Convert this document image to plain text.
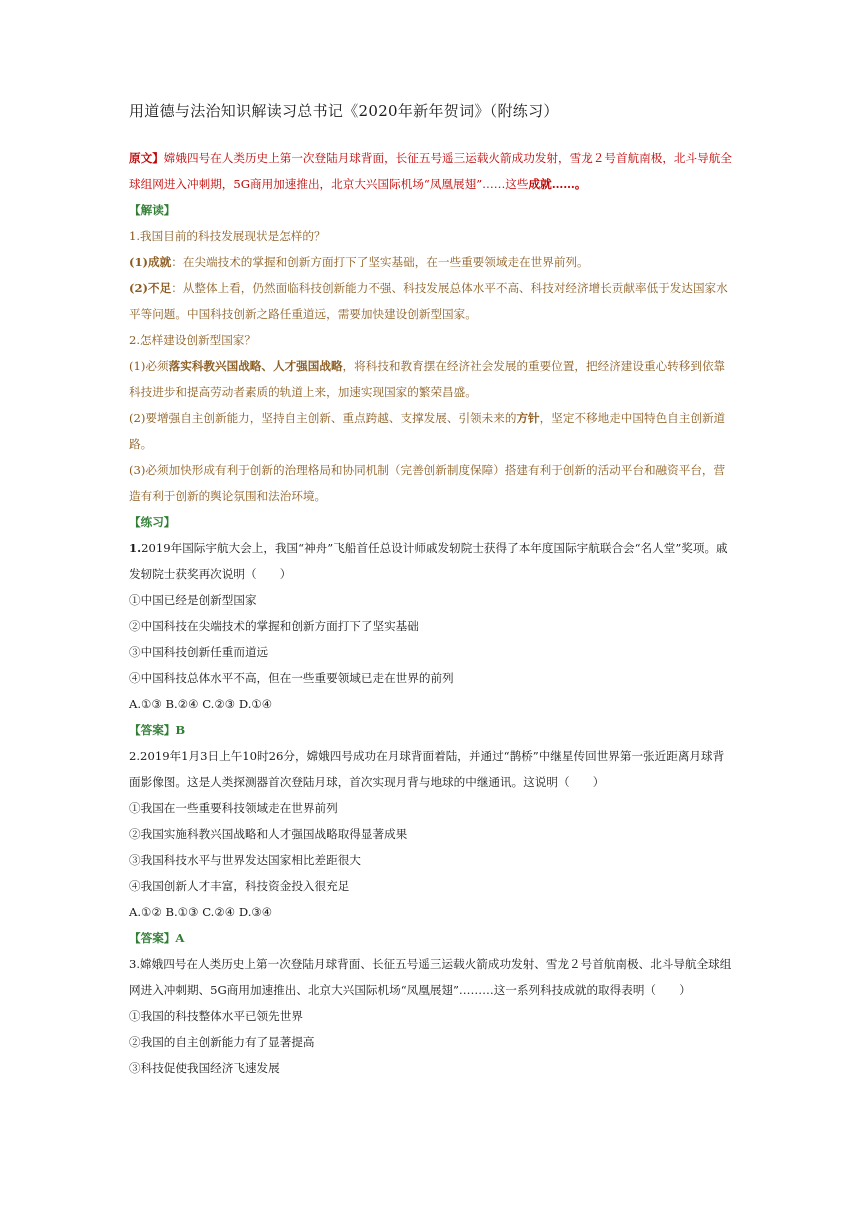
用道德与法治知识解读习总书记《2020年新年贺词》（附练习）

原文】嫦娥四号在人类历史上第一次登陆月球背面，长征五号遥三运载火箭成功发射，雪龙２号首航南极，北斗导航全球组网进入冲刺期，5G商用加速推出，北京大兴国际机场“凤凰展翅”……这些成就……。

【解读】

1.我国目前的科技发展现状是怎样的？

(1)成就：在尖端技术的掌握和创新方面打下了坚实基础，在一些重要领域走在世界前列。

(2)不足：从整体上看，仍然面临科技创新能力不强、科技发展总体水平不高、科技对经济增长贡献率低于发达国家水平等问题。中国科技创新之路任重道远，需要加快建设创新型国家。

2.怎样建设创新型国家？

(1)必须落实科教兴国战略、人才强国战略，将科技和教育摆在经济社会发展的重要位置，把经济建设重心转移到依靠科技进步和提高劳动者素质的轨道上来，加速实现国家的繁荣昌盛。

(2)要增强自主创新能力，坚持自主创新、重点跨越、支撑发展、引领未来的方针，坚定不移地走中国特色自主创新道路。

(3)必须加快形成有利于创新的治理格局和协同机制（完善创新制度保障）搭建有利于创新的活动平台和融资平台，营造有利于创新的舆论氛围和法治环境。

【练习】

1.2019年国际宇航大会上，我国“神舟”飞船首任总设计师戚发轫院士获得了本年度国际宇航联合会“名人堂”奖项。戚发轫院士获奖再次说明（　　）

①中国已经是创新型国家

②中国科技在尖端技术的掌握和创新方面打下了坚实基础

③中国科技创新任重而道远

④中国科技总体水平不高，但在一些重要领域已走在世界的前列

A.①③ B.②④ C.②③ D.①④

【答案】B

2.2019年1月3日上午10时26分，嫦娥四号成功在月球背面着陆，并通过“鹊桥”中继星传回世界第一张近距离月球背面影像图。这是人类探测器首次登陆月球，首次实现月背与地球的中继通讯。这说明（　　）

①我国在一些重要科技领域走在世界前列

②我国实施科教兴国战略和人才强国战略取得显著成果

③我国科技水平与世界发达国家相比差距很大

④我国创新人才丰富，科技资金投入很充足

A.①② B.①③ C.②④ D.③④

【答案】A

3.嫦娥四号在人类历史上第一次登陆月球背面、长征五号遥三运载火箭成功发射、雪龙２号首航南极、北斗导航全球组网进入冲刺期、5G商用加速推出、北京大兴国际机场“凤凰展翅”………这一系列科技成就的取得表明（　　）

①我国的科技整体水平已领先世界

②我国的自主创新能力有了显著提高

③科技促使我国经济飞速发展
